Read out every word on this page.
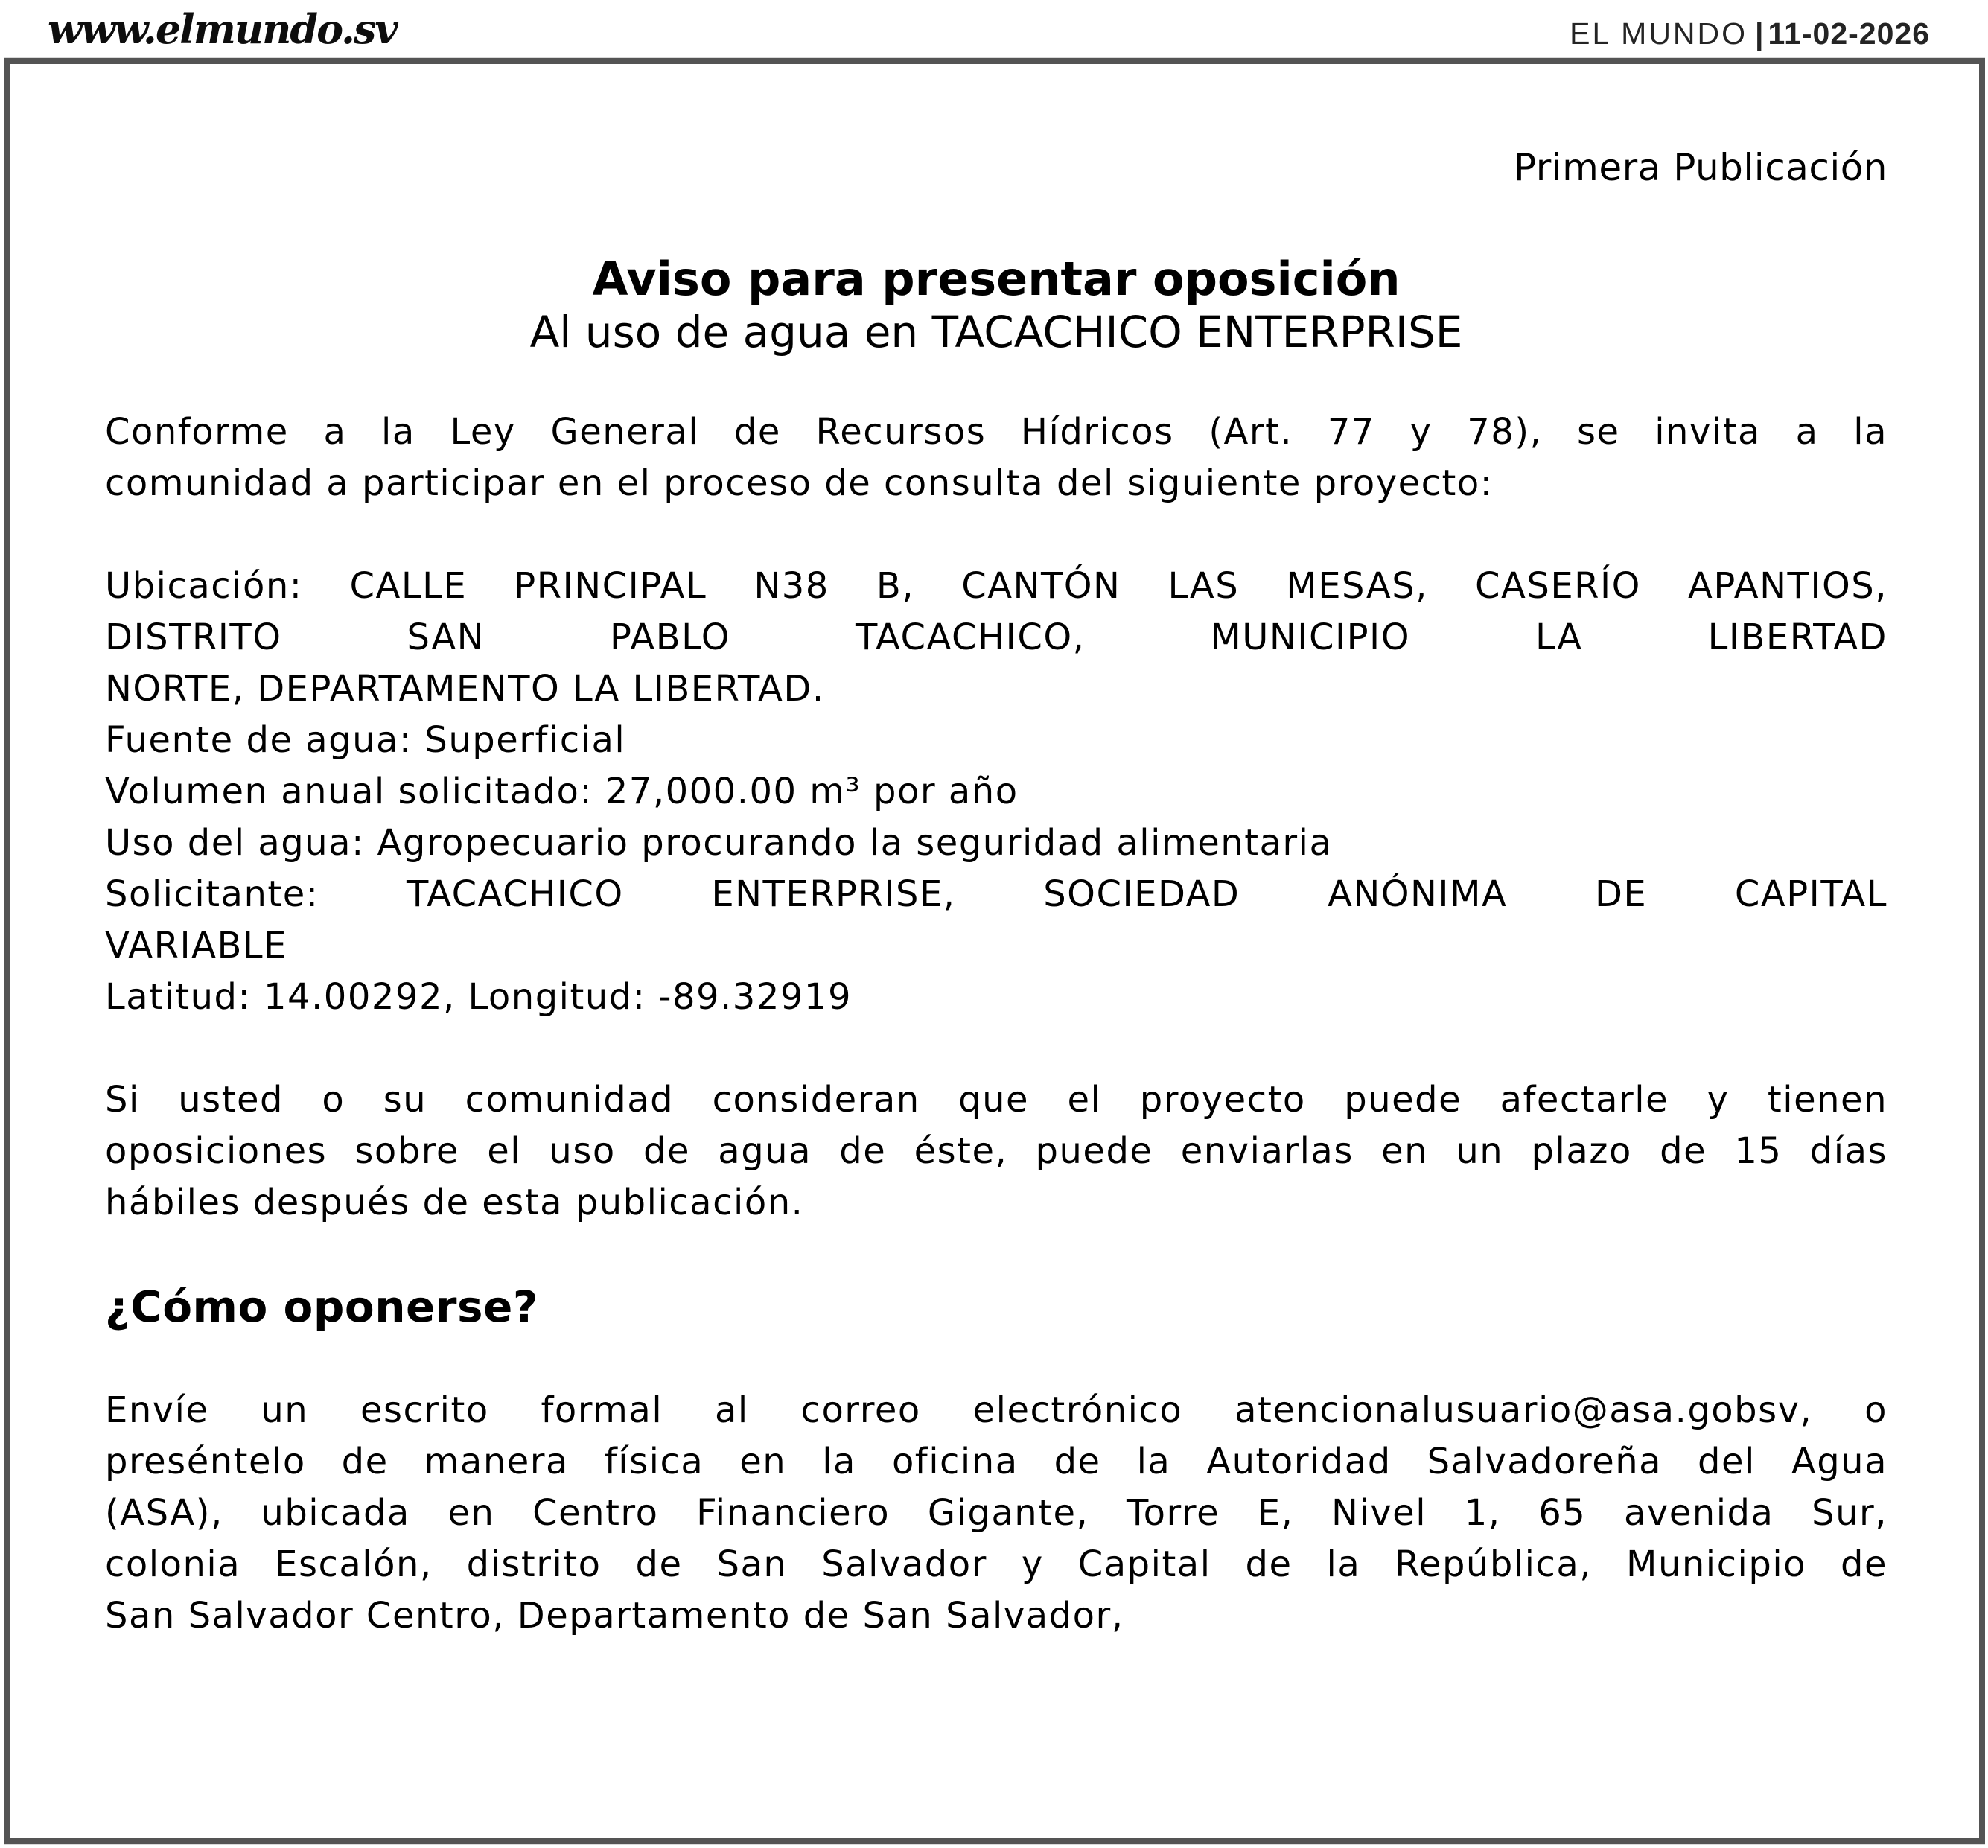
www.elmundo.sv	EL MUNDO | 11-02-2026
Primera Publicación
Aviso para presentar oposición
Al uso de agua en TACACHICO ENTERPRISE
Conforme a la Ley General de Recursos Hídricos (Art. 77 y 78), se invita a la
comunidad a participar en el proceso de consulta del siguiente proyecto:
Ubicación: CALLE PRINCIPAL N38 B, CANTÓN LAS MESAS, CASERÍO APANTIOS,
DISTRITO SAN PABLO TACACHICO, MUNICIPIO LA LIBERTAD
NORTE, DEPARTAMENTO LA LIBERTAD.
Fuente de agua: Superficial
Volumen anual solicitado: 27,000.00 m³ por año
Uso del agua: Agropecuario procurando la seguridad alimentaria
Solicitante: TACACHICO ENTERPRISE, SOCIEDAD ANÓNIMA DE CAPITAL
VARIABLE
Latitud: 14.00292, Longitud: -89.32919
Si usted o su comunidad consideran que el proyecto puede afectarle y tienen
oposiciones sobre el uso de agua de éste, puede enviarlas en un plazo de 15 días
hábiles después de esta publicación.
¿Cómo oponerse?
Envíe un escrito formal al correo electrónico atencionalusuario@asa.gobsv, o
preséntelo de manera física en la oficina de la Autoridad Salvadoreña del Agua
(ASA), ubicada en Centro Financiero Gigante, Torre E, Nivel 1, 65 avenida Sur,
colonia Escalón, distrito de San Salvador y Capital de la República, Municipio de
San Salvador Centro, Departamento de San Salvador,
